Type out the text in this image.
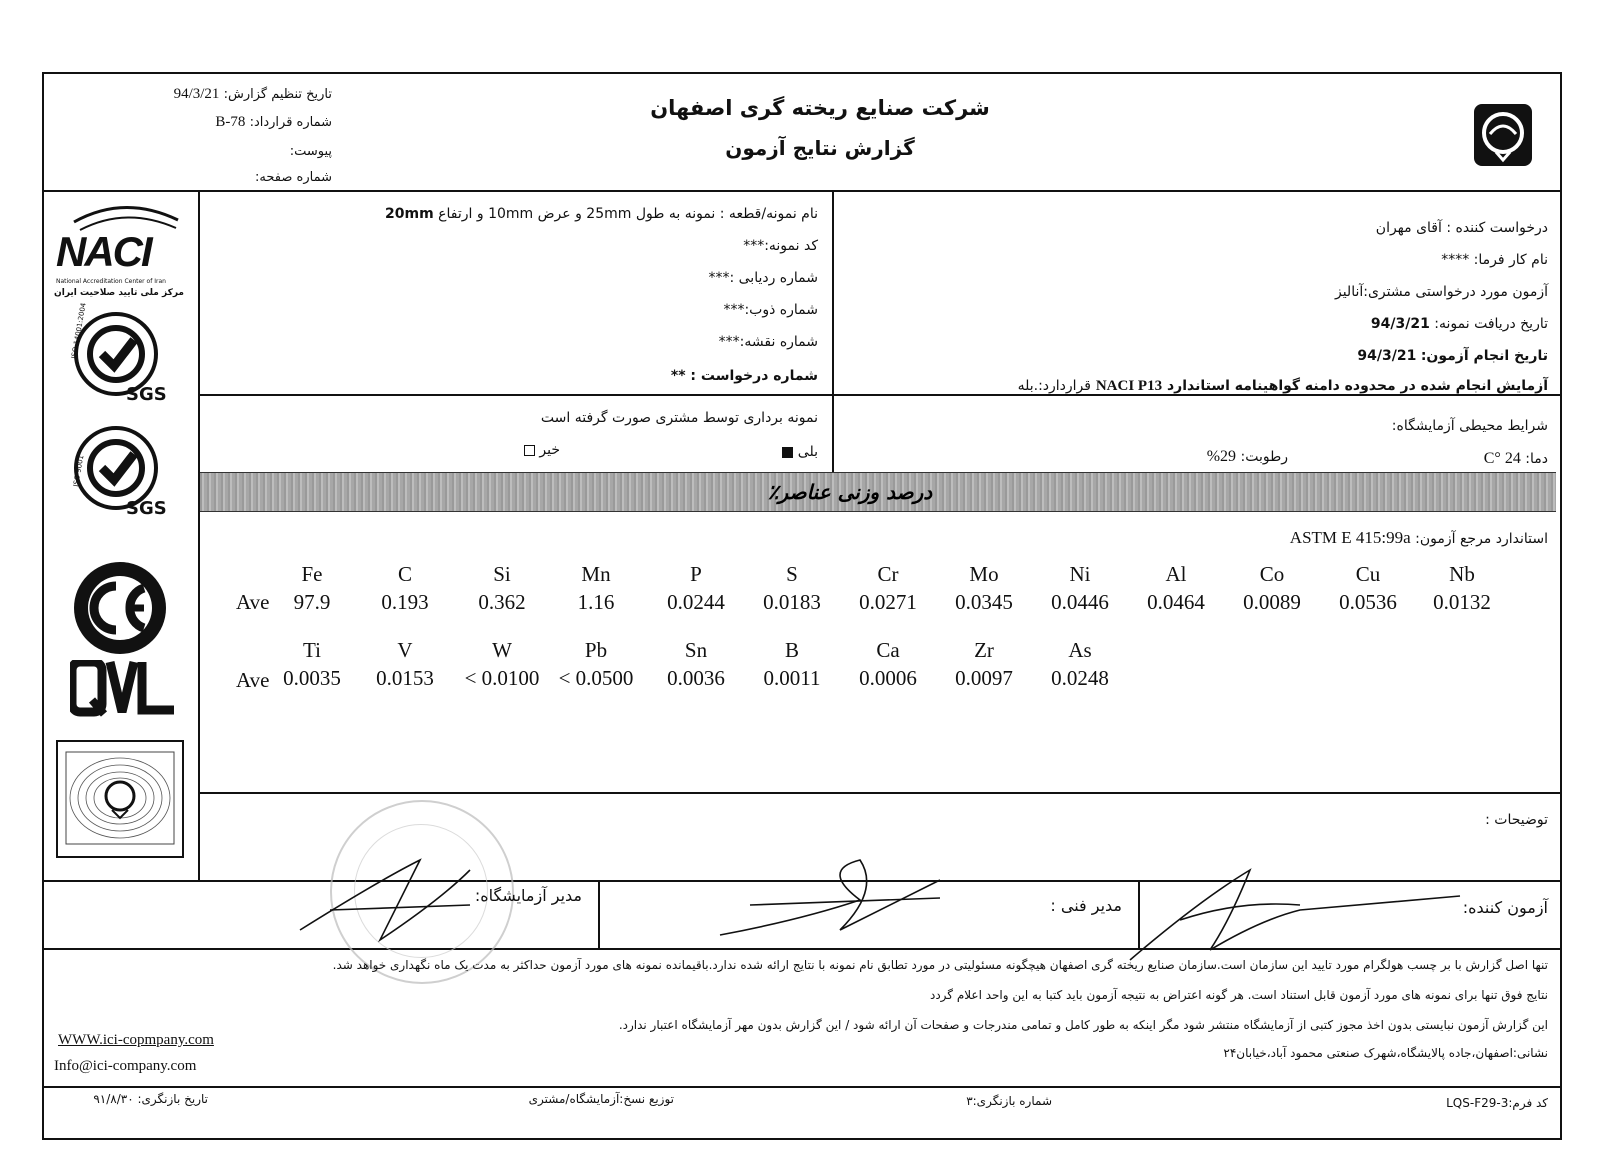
تاریخ تنظیم گزارش: 94/3/21
شماره قرارداد: B-78
پیوست:
شماره صفحه:
شرکت صنایع ریخته گری اصفهان
گزارش نتایج آزمون
NACI
National Accreditation Center of Iran
مرکز ملی تایید صلاحیت ایران
ISO 14001:2004
SGS
ISO 9001
SGS
نام نمونه/قطعه : نمونه به طول 25mm و عرض 10mm و ارتفاع 20mm
کد نمونه:***
شماره ردیابی :***
شماره ذوب:***
شماره نقشه:***
شماره درخواست : **
درخواست کننده : آقای مهران
نام کار فرما: ****
آزمون مورد درخواستی مشتری:آنالیز
تاریخ دریافت نمونه: 94/3/21
تاریخ انجام آزمون: 94/3/21
آزمایش انجام شده در محدوده دامنه گواهینامه استاندارد NACI P13 قراردارد:.بله
شرایط محیطی آزمایشگاه:
دما: 24 °C
رطوبت: 29%
نمونه برداری توسط مشتری صورت گرفته است
بلی
خیر
درصد وزنی عناصر٪
استاندارد مرجع آزمون: ASTM E 415:99a
Ave
Ave
Fe
97.9
C
0.193
Si
0.362
Mn
1.16
P
0.0244
S
0.0183
Cr
0.0271
Mo
0.0345
Ni
0.0446
Al
0.0464
Co
0.0089
Cu
0.0536
Nb
0.0132
Ti
0.0035
V
0.0153
W
< 0.0100
Pb
< 0.0500
Sn
0.0036
B
0.0011
Ca
0.0006
Zr
0.0097
As
0.0248
توضیحات :
آزمون کننده:
مدیر فنی :
مدیر آزمایشگاه:
تنها اصل گزارش با بر چسب هولگرام مورد تایید این سازمان است.سازمان صنایع ریخته گری اصفهان هیچگونه مسئولیتی در مورد تطابق نام نمونه با نتایج ارائه شده ندارد.باقیمانده نمونه های مورد آزمون حداکثر به مدت یک ماه نگهداری خواهد شد.
نتایج فوق تنها برای نمونه های مورد آزمون قابل استناد است. هر گونه اعتراض به نتیجه آزمون باید کتبا به این واحد اعلام گردد
این گزارش آزمون نبایستی بدون اخذ مجوز کتبی از آزمایشگاه منتشر شود مگر اینکه به طور کامل و تمامی مندرجات و صفحات آن ارائه شود / این گزارش بدون مهر آزمایشگاه اعتبار ندارد.
نشانی:اصفهان،جاده پالایشگاه،شهرک صنعتی محمود آباد،خیابان۲۴
WWW.ici-copmpany.com
Info@ici-company.com
کد فرم:LQS-F29-3
شماره بازنگری:۳
توزیع نسخ:آزمایشگاه/مشتری
تاریخ بازنگری: ۹۱/۸/۳۰
